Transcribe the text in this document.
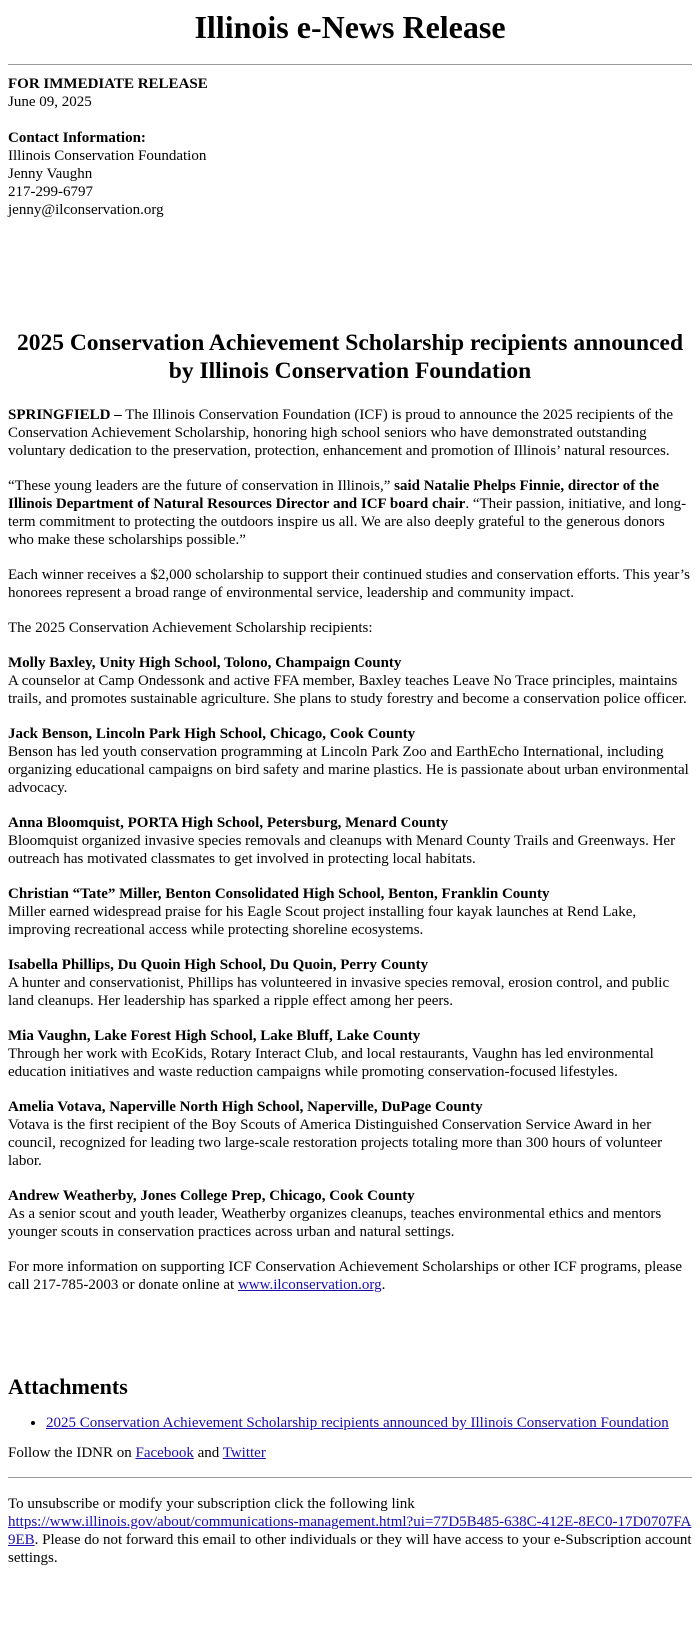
Illinois e-News Release
FOR IMMEDIATE RELEASE
June 09, 2025
Contact Information:
Illinois Conservation Foundation
Jenny Vaughn
217-299-6797
jenny@ilconservation.org
2025 Conservation Achievement Scholarship recipients announced by Illinois Conservation Foundation

SPRINGFIELD – The Illinois Conservation Foundation (ICF) is proud to announce the 2025 recipients of the Conservation Achievement Scholarship, honoring high school seniors who have demonstrated outstanding voluntary dedication to the preservation, protection, enhancement and promotion of Illinois’ natural resources.

“These young leaders are the future of conservation in Illinois,” said Natalie Phelps Finnie, director of the Illinois Department of Natural Resources Director and ICF board chair. “Their passion, initiative, and long-term commitment to protecting the outdoors inspire us all. We are also deeply grateful to the generous donors who make these scholarships possible.”

Each winner receives a $2,000 scholarship to support their continued studies and conservation efforts. This year’s honorees represent a broad range of environmental service, leadership and community impact.

The 2025 Conservation Achievement Scholarship recipients:

Molly Baxley, Unity High School, Tolono, Champaign County
A counselor at Camp Ondessonk and active FFA member, Baxley teaches Leave No Trace principles, maintains trails, and promotes sustainable agriculture. She plans to study forestry and become a conservation police officer.

Jack Benson, Lincoln Park High School, Chicago, Cook County
Benson has led youth conservation programming at Lincoln Park Zoo and EarthEcho International, including organizing educational campaigns on bird safety and marine plastics. He is passionate about urban environmental advocacy.

Anna Bloomquist, PORTA High School, Petersburg, Menard County
Bloomquist organized invasive species removals and cleanups with Menard County Trails and Greenways. Her outreach has motivated classmates to get involved in protecting local habitats.

Christian “Tate” Miller, Benton Consolidated High School, Benton, Franklin County
Miller earned widespread praise for his Eagle Scout project installing four kayak launches at Rend Lake, improving recreational access while protecting shoreline ecosystems.

Isabella Phillips, Du Quoin High School, Du Quoin, Perry County
A hunter and conservationist, Phillips has volunteered in invasive species removal, erosion control, and public land cleanups. Her leadership has sparked a ripple effect among her peers.

Mia Vaughn, Lake Forest High School, Lake Bluff, Lake County
Through her work with EcoKids, Rotary Interact Club, and local restaurants, Vaughn has led environmental education initiatives and waste reduction campaigns while promoting conservation-focused lifestyles.

Amelia Votava, Naperville North High School, Naperville, DuPage County
Votava is the first recipient of the Boy Scouts of America Distinguished Conservation Service Award in her council, recognized for leading two large-scale restoration projects totaling more than 300 hours of volunteer labor.

Andrew Weatherby, Jones College Prep, Chicago, Cook County
As a senior scout and youth leader, Weatherby organizes cleanups, teaches environmental ethics and mentors younger scouts in conservation practices across urban and natural settings.

For more information on supporting ICF Conservation Achievement Scholarships or other ICF programs, please call 217-785-2003 or donate online at www.ilconservation.org.

Attachments
• 2025 Conservation Achievement Scholarship recipients announced by Illinois Conservation Foundation
Follow the IDNR on Facebook and Twitter
To unsubscribe or modify your subscription click the following link
https://www.illinois.gov/about/communications-management.html?ui=77D5B485-638C-412E-8EC0-17D0707FA9EB. Please do not forward this email to other individuals or they will have access to your e-Subscription account settings.
